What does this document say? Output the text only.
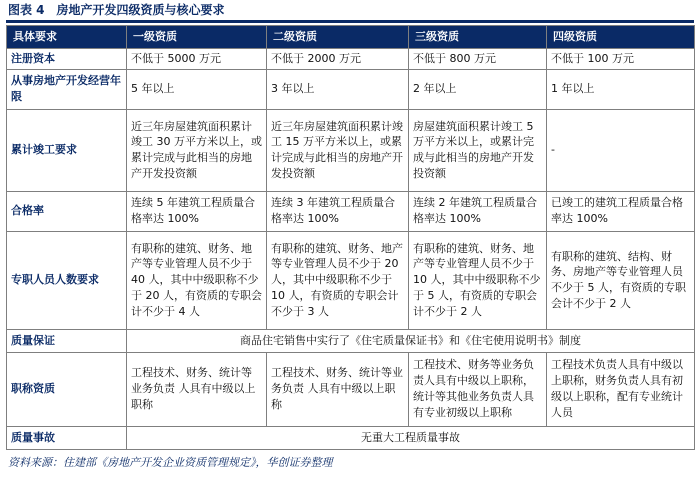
图表 4　房地产开发四级资质与核心要求
具体要求	一级资质	二级资质	三级资质	四级资质
注册资本	不低于 5000 万元	不低于 2000 万元	不低于 800 万元	不低于 100 万元
从事房地产开发经营年限	5 年以上	3 年以上	2 年以上	1 年以上
累计竣工要求	近三年房屋建筑面积累计竣工 30 万平方米以上，或累计完成与此相当的房地产开发投资额	近三年房屋建筑面积累计竣工 15 万平方米以上，或累计完成与此相当的房地产开发投资额	房屋建筑面积累计竣工 5 万平方米以上，或累计完成与此相当的房地产开发投资额	-
合格率	连续 5 年建筑工程质量合格率达 100%	连续 3 年建筑工程质量合格率达 100%	连续 2 年建筑工程质量合格率达 100%	已竣工的建筑工程质量合格率达 100%
专职人员人数要求	有职称的建筑、财务、地产等专业管理人员不少于 40 人，其中中级职称不少于 20 人，有资质的专职会计不少于 4 人	有职称的建筑、财务、地产等专业管理人员不少于 20 人，其中中级职称不少于 10 人，有资质的专职会计不少于 3 人	有职称的建筑、财务、地产等专业管理人员不少于 10 人，其中中级职称不少于 5 人，有资质的专职会计不少于 2 人	有职称的建筑、结构、财务、房地产等专业管理人员不少于 5 人，有资质的专职会计不少于 2 人
质量保证	商品住宅销售中实行了《住宅质量保证书》和《住宅使用说明书》制度			
职称资质	工程技术、财务、统计等业务负责 人具有中级以上职称	工程技术、财务、统计等业务负责 人具有中级以上职称	工程技术、财务等业务负责人具有中级以上职称，统计等其他业务负责人具有专业初级以上职称	工程技术负责人具有中级以上职称，财务负责人具有初级以上职称，配有专业统计人员
质量事故	无重大工程质量事故			
资料来源：住建部《房地产开发企业资质管理规定》，华创证券整理
